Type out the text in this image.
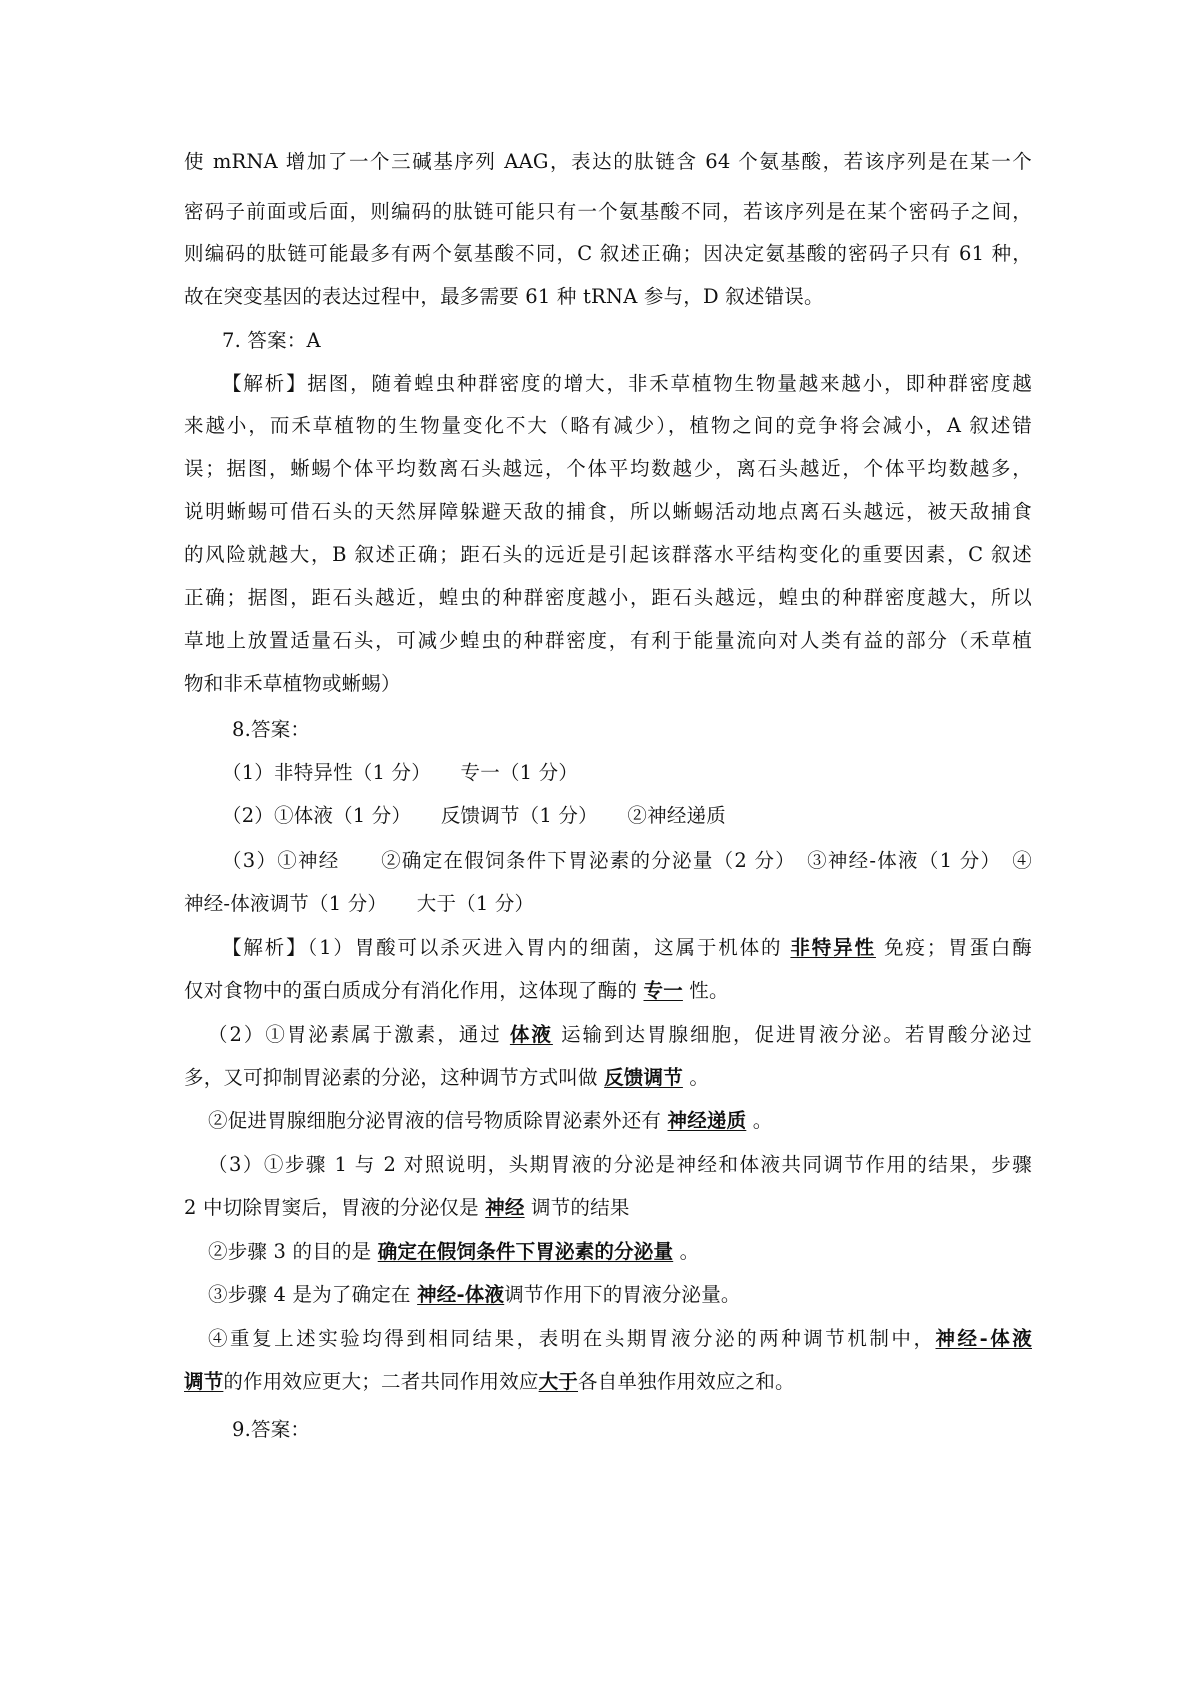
使 mRNA 增加了一个三碱基序列 AAG，表达的肽链含 64 个氨基酸，若该序列是在某一个
密码子前面或后面，则编码的肽链可能只有一个氨基酸不同，若该序列是在某个密码子之间，
则编码的肽链可能最多有两个氨基酸不同，C 叙述正确；因决定氨基酸的密码子只有 61 种，
故在突变基因的表达过程中，最多需要 61 种 tRNA 参与，D 叙述错误。
7. 答案：A
【解析】据图，随着蝗虫种群密度的增大，非禾草植物生物量越来越小，即种群密度越
来越小，而禾草植物的生物量变化不大（略有减少），植物之间的竞争将会减小，A 叙述错
误；据图，蜥蜴个体平均数离石头越远，个体平均数越少，离石头越近，个体平均数越多，
说明蜥蜴可借石头的天然屏障躲避天敌的捕食，所以蜥蜴活动地点离石头越远，被天敌捕食
的风险就越大，B 叙述正确；距石头的远近是引起该群落水平结构变化的重要因素，C 叙述
正确；据图，距石头越近，蝗虫的种群密度越小，距石头越远，蝗虫的种群密度越大，所以
草地上放置适量石头，可减少蝗虫的种群密度，有利于能量流向对人类有益的部分（禾草植
物和非禾草植物或蜥蜴）
8.答案：
（1）非特异性（1 分）　　专一（1 分）
（2）①体液（1 分）　　反馈调节（1 分）　　②神经递质
（3）①神经　　②确定在假饲条件下胃泌素的分泌量（2 分）　③神经-体液（1 分）　④
神经-体液调节（1 分）　　大于（1 分）
【解析】（1）胃酸可以杀灭进入胃内的细菌，这属于机体的 非特异性 免疫；胃蛋白酶
仅对食物中的蛋白质成分有消化作用，这体现了酶的 专一 性。
（2）①胃泌素属于激素，通过 体液 运输到达胃腺细胞，促进胃液分泌。若胃酸分泌过
多，又可抑制胃泌素的分泌，这种调节方式叫做 反馈调节 。
②促进胃腺细胞分泌胃液的信号物质除胃泌素外还有 神经递质 。
（3）①步骤 1 与 2 对照说明，头期胃液的分泌是神经和体液共同调节作用的结果，步骤
2 中切除胃窦后，胃液的分泌仅是 神经 调节的结果
②步骤 3 的目的是 确定在假饲条件下胃泌素的分泌量 。
③步骤 4 是为了确定在 神经-体液调节作用下的胃液分泌量。
④重复上述实验均得到相同结果，表明在头期胃液分泌的两种调节机制中，神经-体液
调节的作用效应更大；二者共同作用效应大于各自单独作用效应之和。
9.答案：
